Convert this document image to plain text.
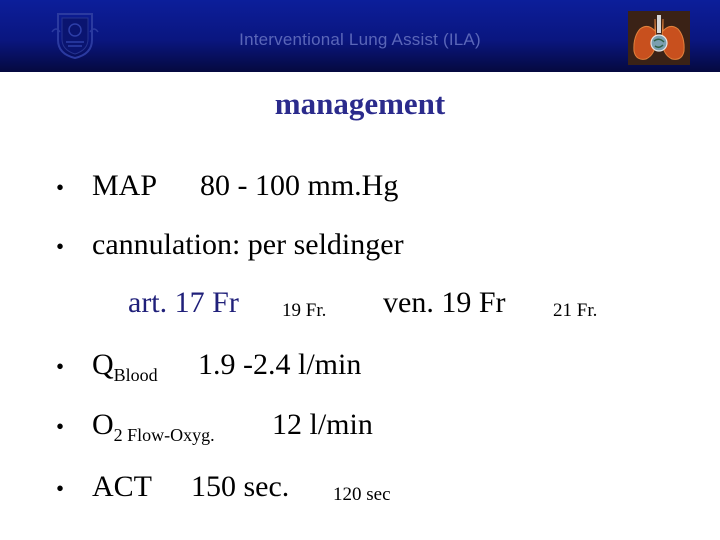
Interventional Lung Assist (ILA)
management
• MAP 80 - 100 mm.Hg
• cannulation: per seldinger
art. 17 Fr 19 Fr. ven. 19 Fr	21 Fr.
• $Q_{Blood}$ 1.9 -2.4 l/min
• $O_{2 Flow-Oxyg.}$ 12 l/min
• ACT 150 sec. 120 sec
